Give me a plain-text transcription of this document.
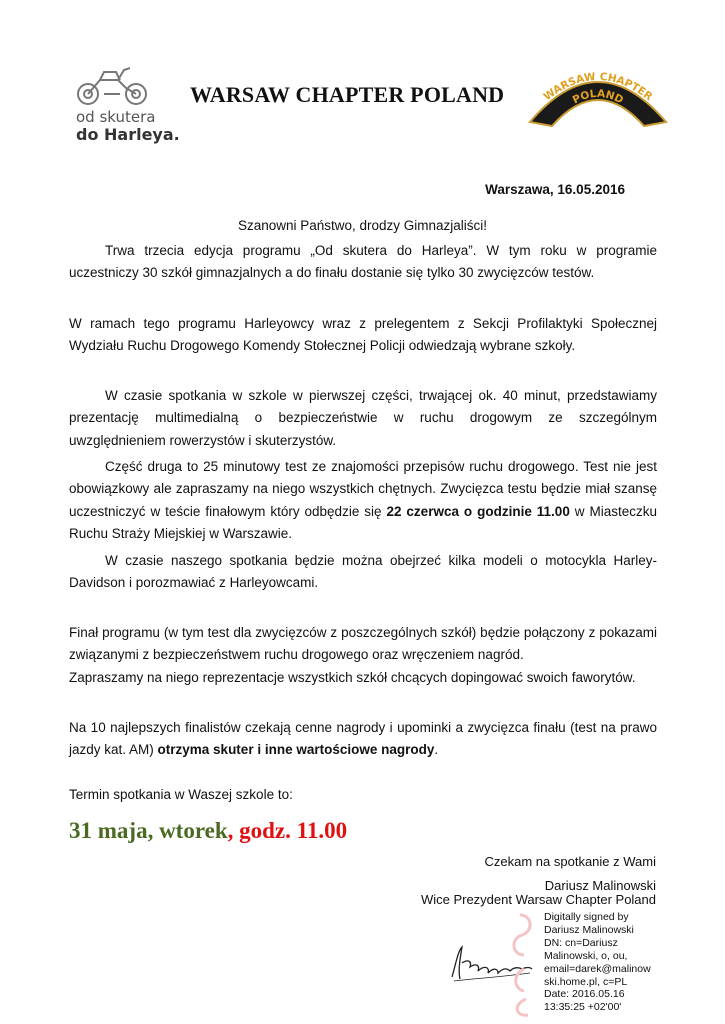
od skutera
do Harleya.
WARSAW CHAPTER POLAND	WARSAW CHAPTER
POLAND
Warszawa, 16.05.2016
Szanowni Państwo, drodzy Gimnazjaliści!

Trwa trzecia edycja programu „Od skutera do Harleya”. W tym roku w programie uczestniczy 30 szkół gimnazjalnych a do finału dostanie się tylko 30 zwycięzców testów.

W ramach tego programu Harleyowcy wraz z prelegentem z Sekcji Profilaktyki Społecznej Wydziału Ruchu Drogowego Komendy Stołecznej Policji odwiedzają wybrane szkoły.

W czasie spotkania w szkole w pierwszej części, trwającej ok. 40 minut, przedstawiamy prezentację multimedialną o bezpieczeństwie w ruchu drogowym ze szczególnym uwzględnieniem rowerzystów i skuterzystów.

Część druga to 25 minutowy test ze znajomości przepisów ruchu drogowego. Test nie jest obowiązkowy ale zapraszamy na niego wszystkich chętnych. Zwycięzca testu będzie miał szansę uczestniczyć w teście finałowym który odbędzie się 22 czerwca o godzinie 11.00 w Miasteczku Ruchu Straży Miejskiej w Warszawie.

W czasie naszego spotkania będzie można obejrzeć kilka modeli o motocykla Harley-Davidson i porozmawiać z Harleyowcami.

Finał programu (w tym test dla zwycięzców z poszczególnych szkół) będzie połączony z pokazami związanymi z bezpieczeństwem ruchu drogowego oraz wręczeniem nagród.

Zapraszamy na niego reprezentacje wszystkich szkół chcących dopingować swoich faworytów.

Na 10 najlepszych finalistów czekają cenne nagrody i upominki a zwycięzca finału (test na prawo jazdy kat. AM) otrzyma skuter i inne wartościowe nagrody.

Termin spotkania w Waszej szkole to:

31 maja, wtorek, godz. 11.00
Czekam na spotkanie z Wami
Dariusz Malinowski
Wice Prezydent Warsaw Chapter Poland
Digitally signed by
Dariusz Malinowski
DN: cn=Dariusz
Malinowski, o, ou,
email=darek@malinow
ski.home.pl, c=PL
Date: 2016.05.16
13:35:25 +02'00'
